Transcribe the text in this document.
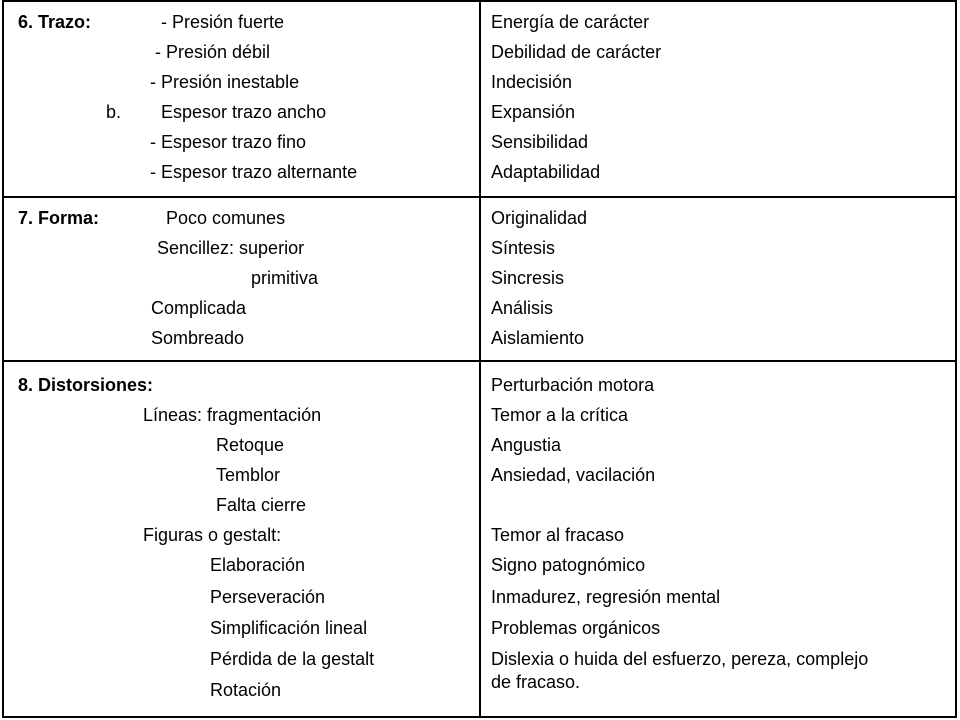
6. Trazo:	- Presión fuerte
- Presión débil
- Presión inestable
b. Espesor trazo ancho
- Espesor trazo fino
- Espesor trazo alternante
Energía de carácter
Debilidad de carácter
Indecisión
Expansión
Sensibilidad
Adaptabilidad
7. Forma:	Poco comunes
Sencillez: superior
primitiva
Complicada
Sombreado
Originalidad
Síntesis
Sincresis
Análisis
Aislamiento
8. Distorsiones:
Líneas: fragmentación
Retoque
Temblor
Falta cierre
Figuras o gestalt:
Elaboración
Perseveración
Simplificación lineal
Pérdida de la gestalt
Rotación
Perturbación motora
Temor a la crítica
Angustia
Ansiedad, vacilación
Temor al fracaso
Signo patognómico
Inmadurez, regresión mental
Problemas orgánicos
Dislexia o huida del esfuerzo, pereza, complejo
de fracaso.
